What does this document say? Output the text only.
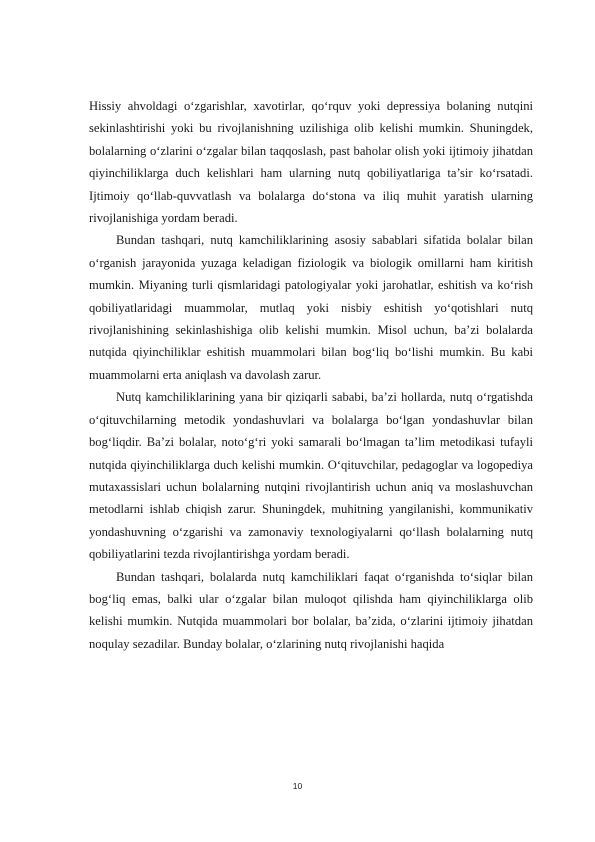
Hissiy ahvoldagi o‘zgarishlar, xavotirlar, qo‘rquv yoki depressiya bolaning nutqini sekinlashtirishi yoki bu rivojlanishning uzilishiga olib kelishi mumkin. Shuningdek, bolalarning o‘zlarini o‘zgalar bilan taqqoslash, past baholar olish yoki ijtimoiy jihatdan qiyinchiliklarga duch kelishlari ham ularning nutq qobiliyatlariga ta’sir ko‘rsatadi. Ijtimoiy qo‘llab-quvvatlash va bolalarga do‘stona va iliq muhit yaratish ularning rivojlanishiga yordam beradi.

Bundan tashqari, nutq kamchiliklarining asosiy sabablari sifatida bolalar bilan o‘rganish jarayonida yuzaga keladigan fiziologik va biologik omillarni ham kiritish mumkin. Miyaning turli qismlaridagi patologiyalar yoki jarohatlar, eshitish va ko‘rish qobiliyatlaridagi muammolar, mutlaq yoki nisbiy eshitish yo‘qotishlari nutq rivojlanishining sekinlashishiga olib kelishi mumkin. Misol uchun, ba’zi bolalarda nutqida qiyinchiliklar eshitish muammolari bilan bog‘liq bo‘lishi mumkin. Bu kabi muammolarni erta aniqlash va davolash zarur.

Nutq kamchiliklarining yana bir qiziqarli sababi, ba’zi hollarda, nutq o‘rgatishda o‘qituvchilarning metodik yondashuvlari va bolalarga bo‘lgan yondashuvlar bilan bog‘liqdir. Ba’zi bolalar, noto‘g‘ri yoki samarali bo‘lmagan ta’lim metodikasi tufayli nutqida qiyinchiliklarga duch kelishi mumkin. O‘qituvchilar, pedagoglar va logopediya mutaxassislari uchun bolalarning nutqini rivojlantirish uchun aniq va moslashuvchan metodlarni ishlab chiqish zarur. Shuningdek, muhitning yangilanishi, kommunikativ yondashuvning o‘zgarishi va zamonaviy texnologiyalarni qo‘llash bolalarning nutq qobiliyatlarini tezda rivojlantirishga yordam beradi.

Bundan tashqari, bolalarda nutq kamchiliklari faqat o‘rganishda to‘siqlar bilan bog‘liq emas, balki ular o‘zgalar bilan muloqot qilishda ham qiyinchiliklarga olib kelishi mumkin. Nutqida muammolari bor bolalar, ba’zida, o‘zlarini ijtimoiy jihatdan noqulay sezadilar. Bunday bolalar, o‘zlarining nutq rivojlanishi haqida

10
